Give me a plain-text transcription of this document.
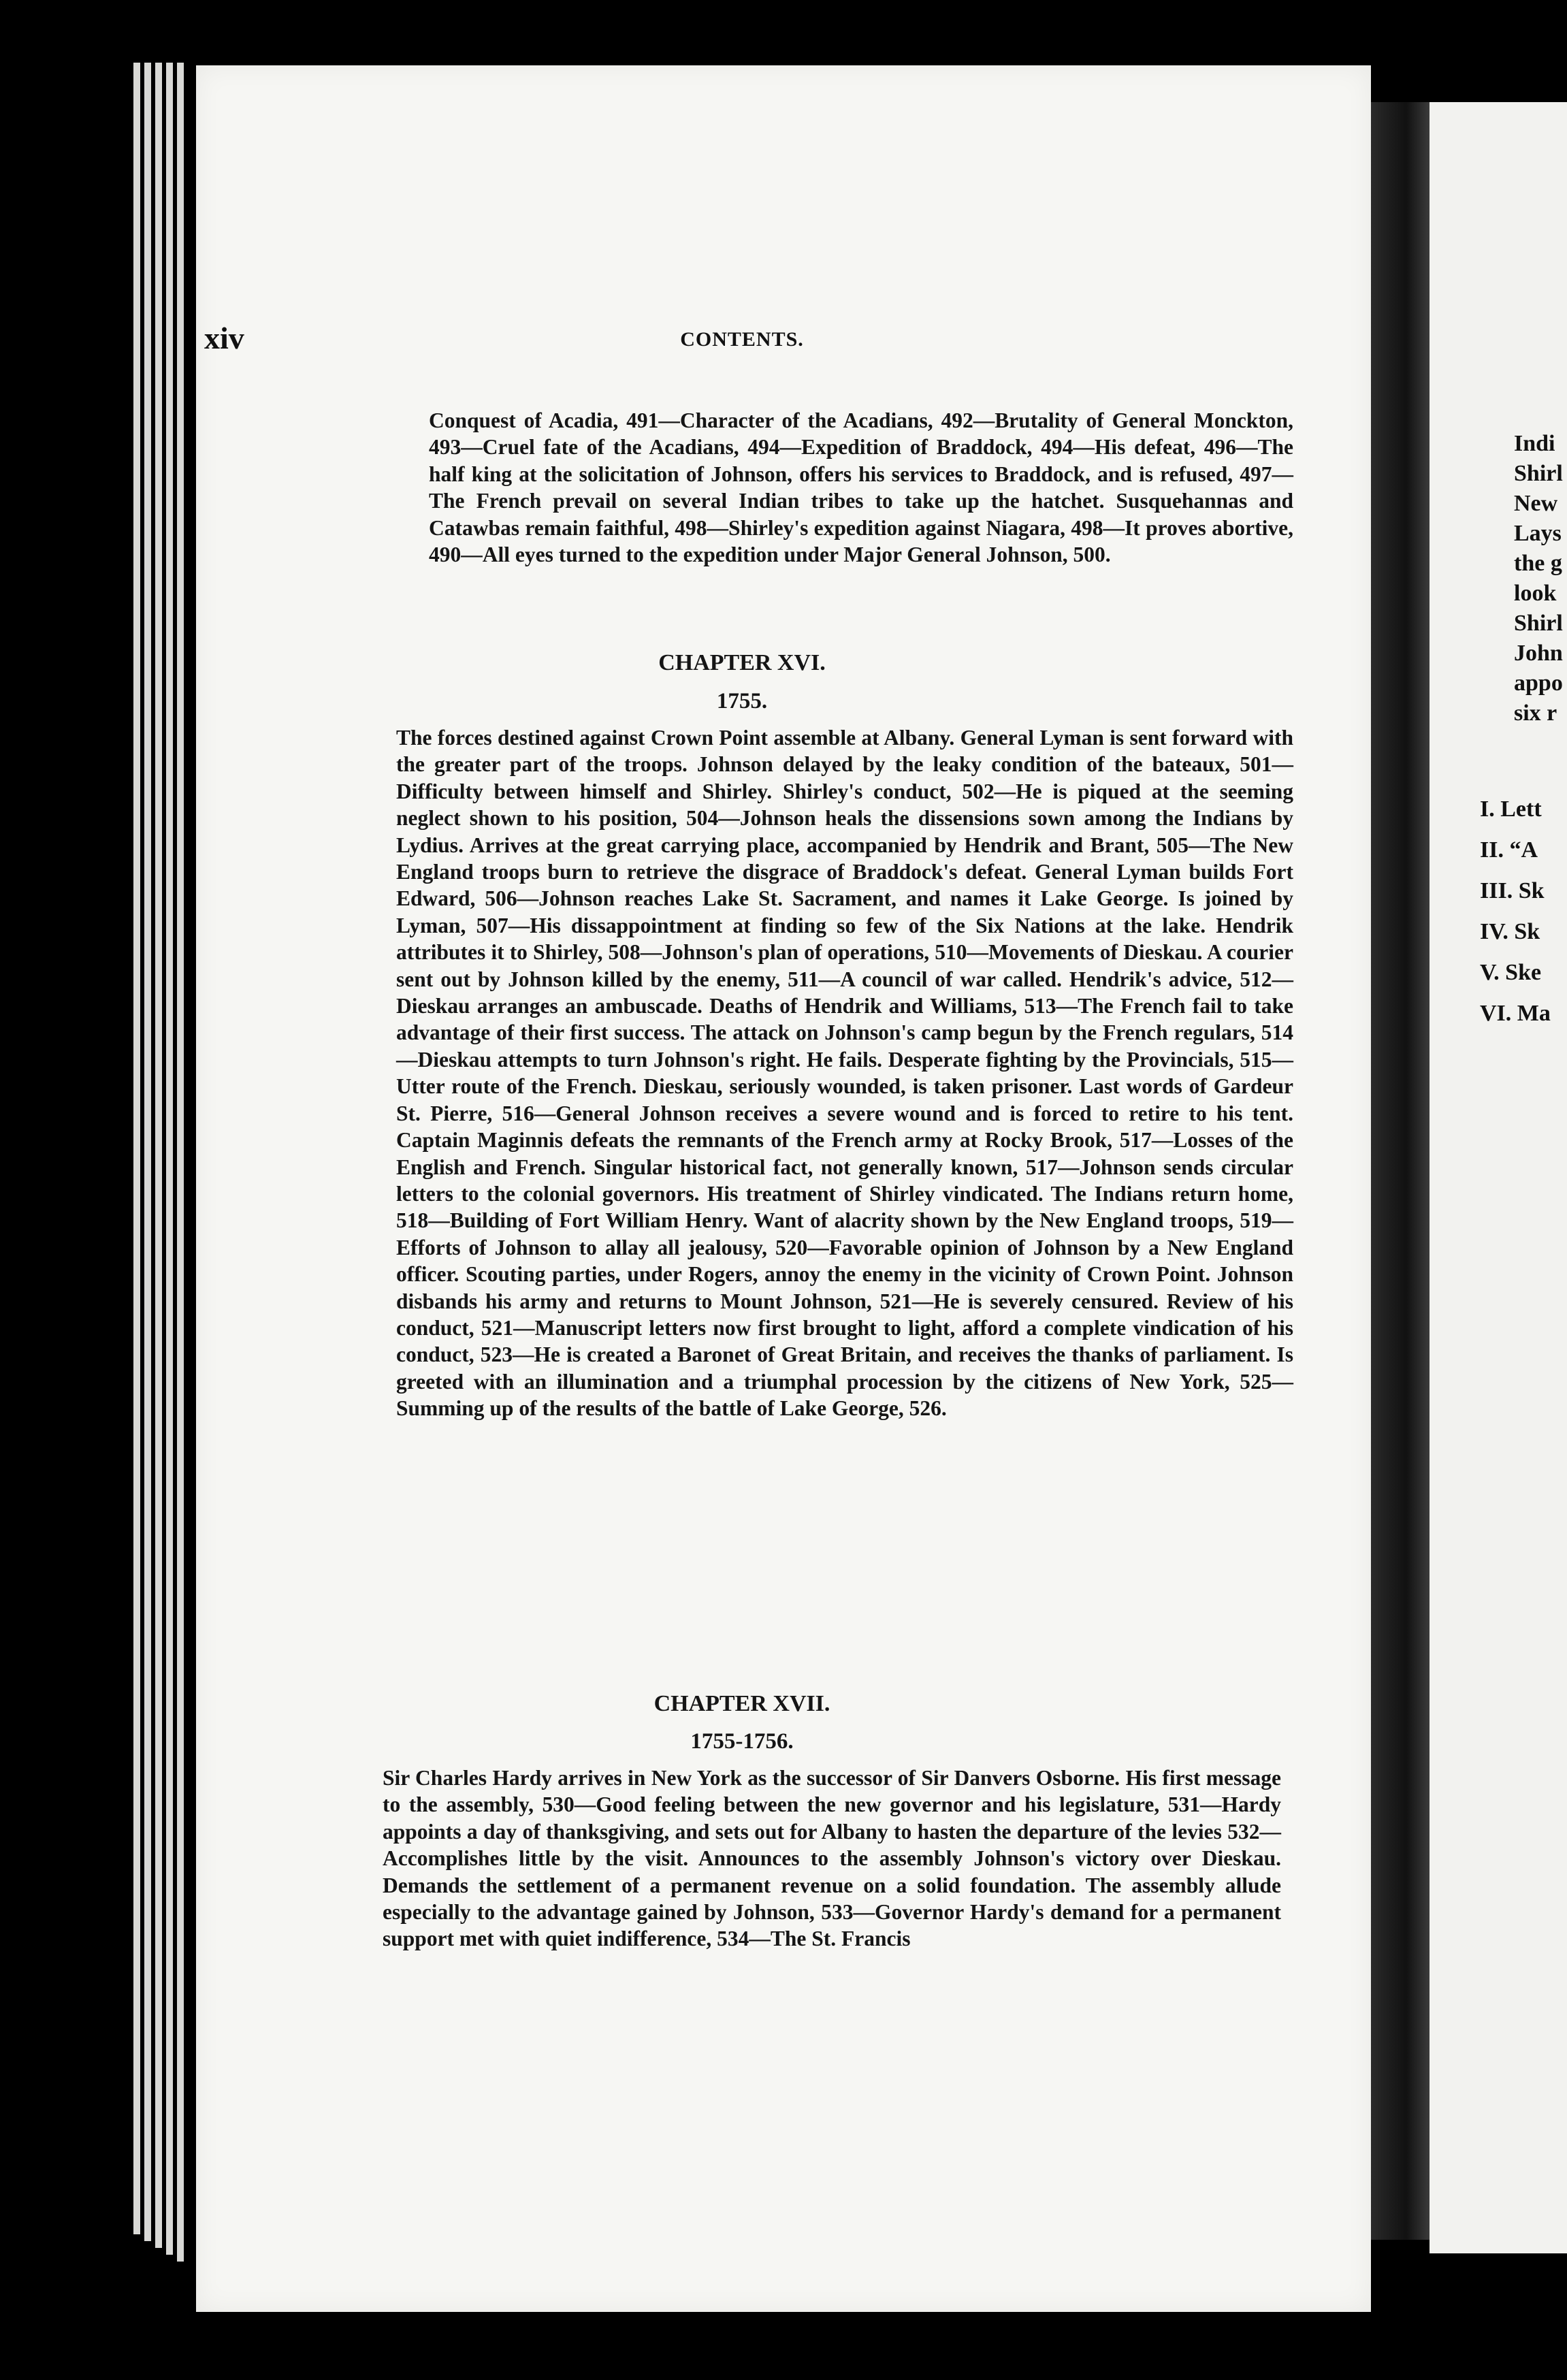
Indi
Shirl
New
Lays
the g
look
Shirl
John
appo
six r
I. Lett
II. “A
III. Sk
IV. Sk
V. Ske
VI. Ma
xiv	CONTENTS.
Conquest of Acadia, 491—Character of the Acadians, 492—Brutality of General Monckton, 493—Cruel fate of the Acadians, 494—Expedition of Braddock, 494—His defeat, 496—The half king at the solicitation of Johnson, offers his services to Braddock, and is refused, 497—The French prevail on several Indian tribes to take up the hatchet. Susquehannas and Catawbas remain faithful, 498—Shirley's expedition against Niagara, 498—It proves abortive, 490—All eyes turned to the expedition under Major General Johnson, 500.
CHAPTER XVI.
1755.
The forces destined against Crown Point assemble at Albany. General Lyman is sent forward with the greater part of the troops. Johnson delayed by the leaky condition of the bateaux, 501—Difficulty between himself and Shirley. Shirley's conduct, 502—He is piqued at the seeming neglect shown to his position, 504—Johnson heals the dissensions sown among the Indians by Lydius. Arrives at the great carrying place, accompanied by Hendrik and Brant, 505—The New England troops burn to retrieve the disgrace of Braddock's defeat. General Lyman builds Fort Edward, 506—Johnson reaches Lake St. Sacrament, and names it Lake George. Is joined by Lyman, 507—His dissappointment at finding so few of the Six Nations at the lake. Hendrik attributes it to Shirley, 508—Johnson's plan of operations, 510—Movements of Dieskau. A courier sent out by Johnson killed by the enemy, 511—A council of war called. Hendrik's advice, 512—Dieskau arranges an ambuscade. Deaths of Hendrik and Williams, 513—The French fail to take advantage of their first success. The attack on Johnson's camp begun by the French regulars, 514—Dieskau attempts to turn Johnson's right. He fails. Desperate fighting by the Provincials, 515—Utter route of the French. Dieskau, seriously wounded, is taken prisoner. Last words of Gardeur St. Pierre, 516—General Johnson receives a severe wound and is forced to retire to his tent. Captain Maginnis defeats the remnants of the French army at Rocky Brook, 517—Losses of the English and French. Singular historical fact, not generally known, 517—Johnson sends circular letters to the colonial governors. His treatment of Shirley vindicated. The Indians return home, 518—Building of Fort William Henry. Want of alacrity shown by the New England troops, 519—Efforts of Johnson to allay all jealousy, 520—Favorable opinion of Johnson by a New England officer. Scouting parties, under Rogers, annoy the enemy in the vicinity of Crown Point. Johnson disbands his army and returns to Mount Johnson, 521—He is severely censured. Review of his conduct, 521—Manuscript letters now first brought to light, afford a complete vindication of his conduct, 523—He is created a Baronet of Great Britain, and receives the thanks of parliament. Is greeted with an illumination and a triumphal procession by the citizens of New York, 525—Summing up of the results of the battle of Lake George, 526.
CHAPTER XVII.
1755-1756.
Sir Charles Hardy arrives in New York as the successor of Sir Danvers Osborne. His first message to the assembly, 530—Good feeling between the new governor and his legislature, 531—Hardy appoints a day of thanksgiving, and sets out for Albany to hasten the departure of the levies 532—Accomplishes little by the visit. Announces to the assembly Johnson's victory over Dieskau. Demands the settlement of a permanent revenue on a solid foundation. The assembly allude especially to the advantage gained by Johnson, 533—Governor Hardy's demand for a permanent support met with quiet indifference, 534—The St. Francis
